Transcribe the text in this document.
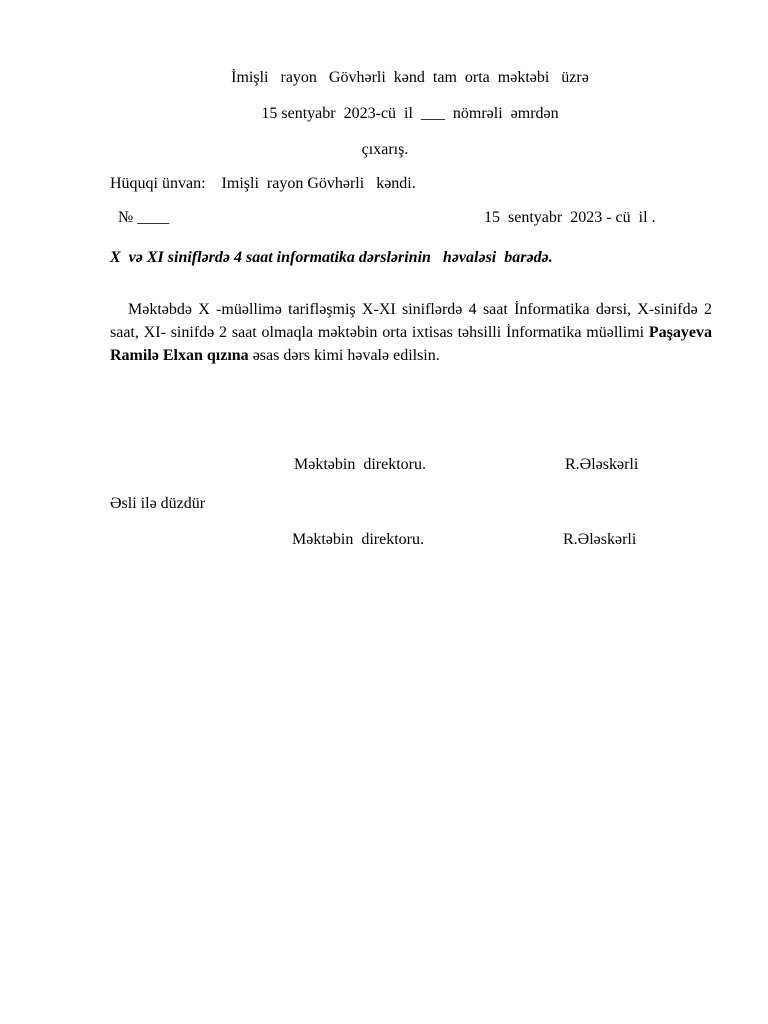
İmişli   rayon   Gövhərli  kənd  tam  orta  məktəbi   üzrə
15 sentyabr  2023-cü  il  ___  nömrəli  əmrdən
çıxarış.
Hüquqi ünvan:    Imişli  rayon Gövhərli   kəndi.
№ ____	15  sentyabr  2023 - cü  il .
X  və XI siniflərdə 4 saat informatika dərslərinin   həvaləsi  barədə.
Məktəbdə X -müəllimə tarifləşmiş X-XI siniflərdə 4 saat İnformatika dərsi, X-sinifdə 2 saat, XI- sinifdə 2 saat olmaqla məktəbin orta ixtisas təhsilli İnformatika müəllimi Paşayeva Ramilə Elxan qızına əsas dərs kimi həvalə edilsin.
Məktəbin  direktoru.	R.Ələskərli
Əsli ilə düzdür
Məktəbin  direktoru.	R.Ələskərli
